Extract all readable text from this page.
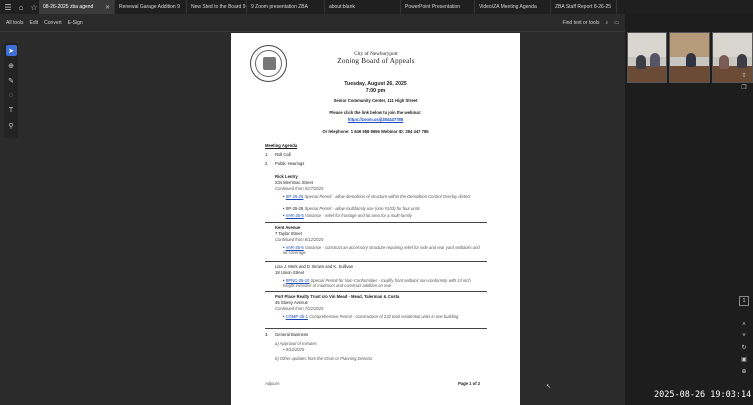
☰ ⌂ ☆ 08-26-2025 zba agend	✕ Renewal Garage Addition 9 New Sted to the Board 9 9 Zoom presentation ZBA	about:blank	PowerPoint Presentation	Video/ZA Meeting Agenda	ZBA Staff Report 8-26-25
All tools Edit Convert E-Sign	Find text or tools ⌕ ▭
➤
⊕
✎
◌
T
⚲
City of Newburyport
Zoning Board of Appeals
Tuesday, August 26, 2025
7:00 pm
Senior Community Center, 111 High Street
Please click the link below to join the webinar:
https://zoom.us/j/284447785
Or telephone: 1 646 558 8656 Webinar ID: 284 447 785
Meeting Agenda
1. Roll Call
2. Public Hearings
Rick Lentry
234 Merrimac Street
Continued from 5/27/2025
• SP-25-25 Special Permit - allow demolition of structure within the Demolition Control Overlay district
• SP-25-26 Special Permit - allow multifamily use (Use #103) for four units
• VAR-25-5 Variance - relief for frontage and lot area for a multi-family
Kent Avenue
7 Taylor Street
Continued from 8/12/2025
• VAR-25-6 Variance - construct an accessory structure requiring relief for side and rear yard setbacks and lot coverage
Lisa J. Merk and D. Brown and K. Sullivan
18 Union Street
• SPNC-25-10 Special Permit for Non-Conformities - modify front setback non-conformity with 24 inch height increase of mudroom and construct addition on rear
Port Place Realty Trust c/o Vin Mead - Mead, Talerman & Costa
45 Storey Avenue
Continued from 7/22/2025
• COMP-25-1 Comprehensive Permit - construction of 232 total residential units in one building
3. General Business
a) Approval of minutes
• 8/12/2025
b) Other updates from the Chair or Planning Director
Adjourn	Page 1 of 2
⇪
❐
˄
˅
↻
▣
⊕
1
↖
2025-08-26 19:03:14
